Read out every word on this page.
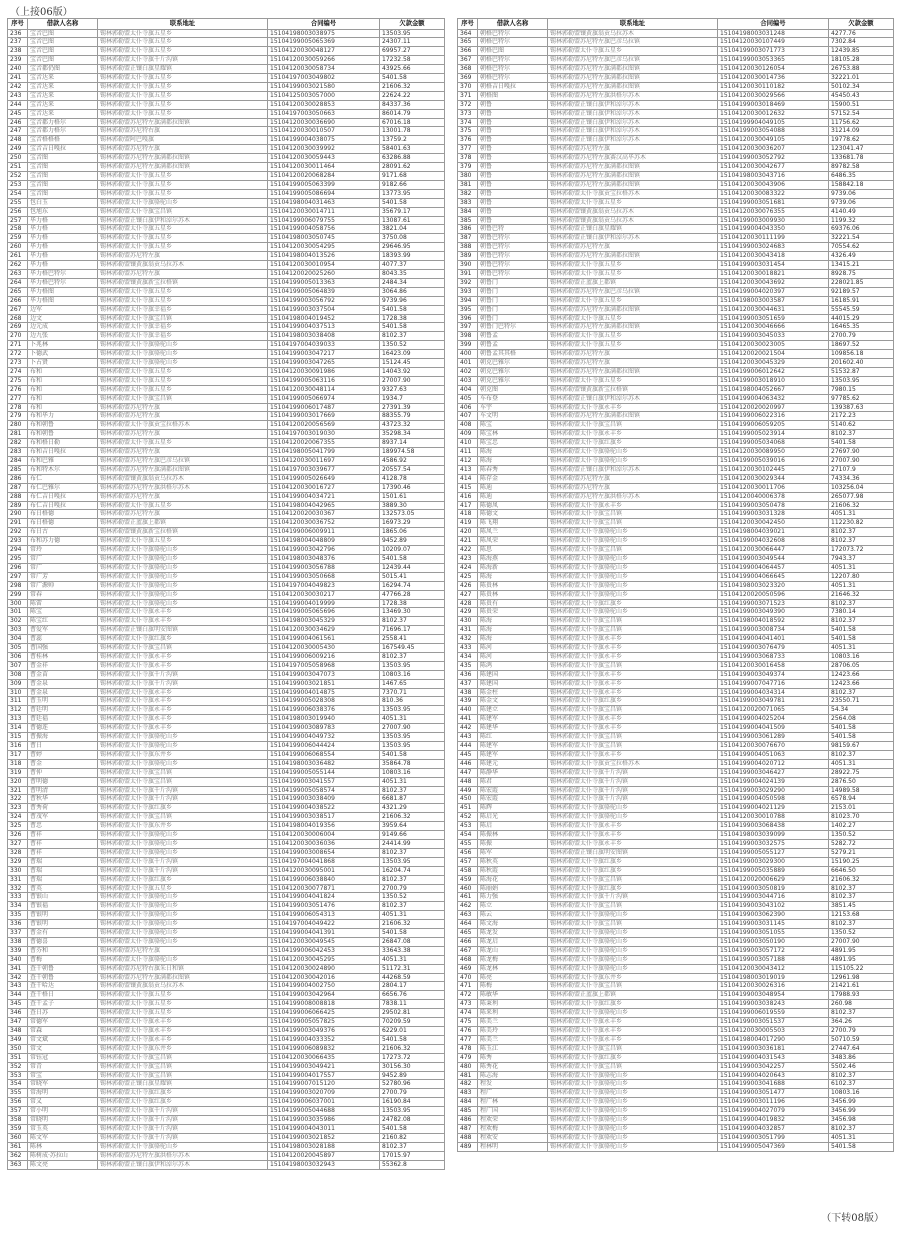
（上接06版）
序号	借款人名称	联系地址	合同编号	欠款金额
236	宝音巴图	锡林郭勒盟太仆寺旗五星乡	15104198003038975	13503.95
237	宝音巴图	锡林郭勒盟太仆寺旗五星乡	15104199005065369	24307.11
238	宝音巴图	锡林郭勒盟太仆寺旗五星乡	15104120030048127	69957.27
239	宝音巴图	锡林郭勒盟太仆寺旗千斤沟镇	15104120030059266	17232.58
240	宝音都仍图	锡林郭勒盟正镶白旗星耀镇	15104120030058734	43925.66
241	宝音达来	锡林郭勒盟太仆寺旗五星乡	15104197003049802	5401.58
242	宝音达来	锡林郭勒盟太仆寺旗五星乡	15104199003021580	21606.32
243	宝音达来	锡林郭勒盟太仆寺旗五星乡	15104125003057000	22624.22
244	宝音达来	锡林郭勒盟太仆寺旗五星乡	15104120030028853	84337.36
245	宝音达来	锡林郭勒盟太仆寺旗五星乡	15104197003050663	86014.79
246	宝音都力格尔	锡林郭勒盟苏尼特左旗满都拉图镇	15104120030036690	67016.18
247	宝音都力格尔	锡林郭勒盟苏尼特右旗	15104120030010507	13001.78
248	宝音格格格	锡林郭勒盟阿巴嘎旗	15104199004038075	13759.2
249	宝音吉日嘎拉	锡林郭勒盟苏尼特左旗	15104120030039992	58401.63
250	宝音图	锡林郭勒盟苏尼特左旗满都拉图镇	15104120030059443	63286.88
251	宝音图	锡林郭勒盟苏尼特左旗满都拉图镇	15104120030011464	28091.62
252	宝音图	锡林郭勒盟太仆寺旗五星乡	15104120020068284	9171.68
253	宝音图	锡林郭勒盟太仆寺旗五星乡	15104199005063399	9182.66
254	宝音图	锡林郭勒盟太仆寺旗五星乡	15104199005086694	13773.95
255	包白玉	锡林郭勒盟太仆寺旗骆驼山乡	15104198004031463	5401.58
256	包旭东	锡林郭勒盟太仆寺旗宝昌镇	15104120030014711	35679.17
257	毕力格	锡林郭勒盟正镶白旗伊和淖尔苏木	15104199006079755	13087.61
258	毕力格	锡林郭勒盟太仆寺旗五星乡	15104199004058756	3821.04
259	毕力格	锡林郭勒盟太仆寺旗五星乡	15104198003050745	3750.08
260	毕力格	锡林郭勒盟太仆寺旗五星乡	15104120030054295	29646.95
261	毕力格	锡林郭勒盟苏尼特左旗	15104198004013526	18393.99
262	毕力格	锡林郭勒盟镶黄旗翁贡乌拉苏木	15104120030010954	4077.37
263	毕力格巴特尔	锡林郭勒盟苏尼特左旗	15104120020025260	8043.35
264	毕力格巴特尔	锡林郭勒盟镶黄旗新宝拉格镇	15104199005013363	2484.34
265	毕力格图	锡林郭勒盟太仆寺旗五星乡	15104199005064839	3064.86
266	毕力格图	锡林郭勒盟太仆寺旗五星乡	15104199003056792	9739.96
267	边军	锡林郭勒盟太仆寺旗幸福乡	15104199003037504	5401.58
268	边文	锡林郭勒盟太仆寺旗宝昌镇	15104198004019452	1728.38
269	边元成	锡林郭勒盟太仆寺旗幸福乡	15104199004037513	5401.58
270	边九张	锡林郭勒盟太仆寺旗幸福乡	15104198003038408	8102.37
271	卜兆林	锡林郭勒盟太仆寺旗骆驼山乡	15104197004039033	1350.52
272	卜德武	锡林郭勒盟太仆寺旗骆驼山乡	15104199003047217	16423.09
273	卜占贤	锡林郭勒盟太仆寺旗骆驼山乡	15104199003047265	15124.45
274	布和	锡林郭勒盟太仆寺旗五星乡	15104120030091986	14043.92
275	布和	锡林郭勒盟太仆寺旗五星乡	15104199005063116	27007.90
276	布和	锡林郭勒盟太仆寺旗五星乡	15104120030048114	9327.63
277	布和	锡林郭勒盟太仆寺旗宝昌镇	15104199005066974	1934.7
278	布和	锡林郭勒盟苏尼特左旗	15104199006017487	27391.39
279	布和毕力	锡林郭勒盟苏尼特左旗	15104199003017669	88355.79
280	布和朝鲁	锡林郭勒盟太仆寺旗贡宝拉格苏木	15104120020056569	43723.32
281	布和朝鲁	锡林郭勒盟苏尼特左旗	15104197003019030	35298.34
282	布和格日勒	锡林郭勒盟太仆寺旗五星乡	15104120020067355	8937.14
283	布和吉日嘎拉	锡林郭勒盟苏尼特左旗	15104198005041799	189974.58
284	布和巴雅	锡林郭勒盟苏尼特左旗巴彦乌拉镇	15104120030011697	4586.92
285	布和特木尔	锡林郭勒盟苏尼特左旗满都拉图镇	15104197003039677	20557.54
286	布仁	锡林郭勒盟镶黄旗翁贡乌拉苏木	15104199005026649	4128.78
287	布仁巴雅尔	锡林郭勒盟苏尼特左旗洪格尔苏木	15104120030016727	17390.46
288	布仁吉日嘎拉	锡林郭勒盟苏尼特左旗	15104199004034721	1501.61
289	布仁吉日嘎拉	锡林郭勒盟太仆寺旗五星乡	15104198004042965	3889.30
290	布日格德	锡林郭勒盟苏尼特左旗	15104120020030367	132573.05
291	布日格德	锡林郭勒盟正蓝旗上都镇	15104120030036752	16973.29
292	布日古	锡林郭勒盟镶黄旗新宝拉格镇	15104199006009911	1865.06
293	布和苏力德	锡林郭勒盟太仆寺旗五星乡	15104198004048809	9452.89
294	常玲	锡林郭勒盟太仆寺旗骆驼山乡	15104199003042796	10209.07
295	常广	锡林郭勒盟太仆寺旗骆驼山乡	15104198003048376	5401.58
296	常广	锡林郭勒盟太仆寺旗骆驼山乡	15104199003056788	12439.44
297	常广芳	锡林郭勒盟太仆寺旗骆驼山乡	15104199003050668	5015.41
298	常广源帅	锡林郭勒盟太仆寺旗骆驼山乡	15104197004049823	16294.74
299	常春	锡林郭勒盟太仆寺旗骆驼山乡	15104120030030217	47766.28
300	陈雷	锡林郭勒盟太仆寺旗骆驼山乡	15104199004019999	1728.38
301	陈宝	锡林郭勒盟太仆寺旗永丰乡	15104199005065696	13469.30
302	陈宝红	锡林郭勒盟太仆寺旗永丰乡	15104198003045329	8102.37
303	曹爱军	锡林郭勒盟正镶白旗明安图镇	15104120030034629	71696.17
304	曹蕊	锡林郭勒盟太仆寺旗红旗乡	15104199004061561	2558.41
305	曹国强	锡林郭勒盟太仆寺旗宝昌镇	15104120030005430	167549.45
306	曹桂林	锡林郭勒盟太仆寺旗永丰乡	15104199006009216	8102.37
307	曹金祥	锡林郭勒盟太仆寺旗永丰乡	15104197005058968	13503.95
308	曹金苗	锡林郭勒盟太仆寺旗千斤沟镇	15104199003047073	10803.16
309	曹金泉	锡林郭勒盟太仆寺旗千斤沟镇	15104199003021851	1467.65
310	曹金泉	锡林郭勒盟太仆寺旗永丰乡	15104199004014875	7370.71
311	曹玉明	锡林郭勒盟太仆寺旗永丰乡	15104199005028308	810.36
312	曹廷明	锡林郭勒盟太仆寺旗永丰乡	15104199006038376	13503.95
313	曹廷福	锡林郭勒盟太仆寺旗永丰乡	15104198003019940	4051.31
314	曹德连	锡林郭勒盟太仆寺旗永丰乡	15104199003089783	27007.90
315	曹振海	锡林郭勒盟太仆寺旗骆驼山乡	15104199004049732	13503.95
316	曹日	锡林郭勒盟太仆寺旗骆驼山乡	15104199006044424	13503.95
317	曹婷	锡林郭勒盟太仆寺旗东井乡	15104199006068554	5401.58
318	曹金	锡林郭勒盟太仆寺旗骆驼山乡	15104198003036482	35864.78
319	曹仲	锡林郭勒盟太仆寺旗宝昌镇	15104199005055144	10803.16
320	曹明德	锡林郭勒盟太仆寺旗宝昌镇	15104199003041557	4051.31
321	曹明清	锡林郭勒盟太仆寺旗千斤沟镇	15104199005058574	8102.37
322	曹秋华	锡林郭勒盟太仆寺旗千斤沟镇	15104199003038409	6681.87
323	曹秀荷	锡林郭勒盟太仆寺旗红旗乡	15104199004038522	4321.29
324	曹茂军	锡林郭勒盟太仆寺旗宝昌镇	15104199003038517	21606.32
325	曹忠	锡林郭勒盟太仆寺旗东井乡	15104198004019356	3959.64
326	曹祥	锡林郭勒盟太仆寺旗骆驼山乡	15104120030006004	9149.66
327	曹祥	锡林郭勒盟太仆寺旗骆驼山乡	15104120030036036	24414.99
328	曹祥	锡林郭勒盟太仆寺旗骆驼山乡	15104199003008654	8102.37
329	曹瑞	锡林郭勒盟太仆寺旗千斤沟镇	15104197004041868	13503.95
330	曹瑞	锡林郭勒盟太仆寺旗千斤沟镇	15104120030095001	16204.74
331	曹瑞	锡林郭勒盟太仆寺旗红旗乡	15104199006038840	8102.37
332	曹英	锡林郭勒盟太仆寺旗五星乡	15104120030077871	2700.79
333	曹银山	锡林郭勒盟太仆寺旗骆驼山乡	15104199004041824	1350.52
334	曹银福	锡林郭勒盟太仆寺旗骆驼山乡	15104199003051476	8102.37
335	曹银明	锡林郭勒盟太仆寺旗骆驼山乡	15104199006054313	4051.31
336	曹银明	锡林郭勒盟太仆寺旗骆驼山乡	15104197004049422	21606.32
337	曹金有	锡林郭勒盟太仆寺旗骆驼山乡	15104199004041391	5401.58
338	曹德喜	锡林郭勒盟太仆寺旗骆驼山乡	15104120030049545	26847.08
339	曹芬和	锡林郭勒盟苏尼特左旗	15104199006042453	33643.38
340	曹梅	锡林郭勒盟太仆寺旗骆驼山乡	15104120030045295	4051.31
341	查干朝鲁	锡林郭勒盟苏尼特右旗朱日和镇	15104120030024890	51172.31
342	查干朝鲁	锡林郭勒盟苏尼特左旗满都拉图镇	15104120030042016	44268.59
343	查干哈达	锡林郭勒盟镶黄旗翁贡乌拉苏木	15104199004002750	2804.17
344	查干格日	锡林郭勒盟太仆寺旗五星乡	15104199003042964	6656.76
345	查干孟子	锡林郭勒盟太仆寺旗五星乡	15104199008008818	7838.11
346	查日苏	锡林郭勒盟太仆寺旗五星乡	15104199006066425	29502.81
347	常德军	锡林郭勒盟太仆寺旗永丰乡	15104199005057825	70209.59
348	常森	锡林郭勒盟太仆寺旗永丰乡	15104199003049376	6229.01
349	常文斌	锡林郭勒盟太仆寺旗永丰乡	15104199004033352	5401.58
350	常文	锡林郭勒盟太仆寺旗东井乡	15104199006089832	21606.32
351	常钰冠	锡林郭勒盟太仆寺旗宝昌镇	15104120030066435	17273.72
352	常青	锡林郭勒盟太仆寺旗宝昌镇	15104199003049421	30156.30
353	常宝	锡林郭勒盟太仆寺旗宝昌镇	15104199004017557	9452.89
354	常晓军	锡林郭勒盟正镶白旗星耀镇	15104199007015120	52780.96
355	常海明	锡林郭勒盟太仆寺旗红旗乡	15104199003020709	2700.79
356	常义	锡林郭勒盟太仆寺旗红旗乡	15104199006037001	16190.84
357	常小明	锡林郭勒盟太仆寺旗千斤沟镇	15104199005044688	13503.95
358	常晓明	锡林郭勒盟太仆寺旗千斤沟镇	15104199003035986	24782.08
359	常玉英	锡林郭勒盟太仆寺旗千斤沟镇	15104199004043011	5401.58
360	陈文军	锡林郭勒盟太仆寺旗千斤沟镇	15104199003021852	2160.82
361	陈林	锡林郭勒盟太仆寺旗骆驼山乡	15104198003028188	8102.37
362	陈树成·苏拉山	锡林郭勒盟苏尼特左旗洪格尔苏木	15104120020045897	17015.97
363	陈文亮	锡林郭勒盟正镶白旗伊和淖尔苏木	15104198003032943	55362.8
序号	借款人名称	联系地址	合同编号	欠款金额
364	朝格巴特尔	锡林郭勒盟镶黄旗翁贡乌拉苏木	15104198003031248	4277.76
365	朝格巴特尔	锡林郭勒盟苏尼特左旗巴彦乌拉镇	15104120030107449	7302.84
366	朝格巴图	锡林郭勒盟太仆寺旗五星乡	15104199003071773	12439.85
367	朝格巴特尔	锡林郭勒盟苏尼特左旗巴彦乌拉镇	15104199003053365	18105.28
368	朝格巴特尔	锡林郭勒盟苏尼特左旗满都拉图镇	15104120030126054	26753.88
369	朝格巴特尔	锡林郭勒盟苏尼特左旗满都拉图镇	15104120030014736	32221.01
370	朝格吉日嘎拉	锡林郭勒盟苏尼特左旗满都拉图镇	15104120030110182	50102.34
371	朝格图	锡林郭勒盟苏尼特左旗洪格尔苏木	15104120030029566	45450.43
372	朝鲁	锡林郭勒盟正镶白旗伊和淖尔苏木	15104199003018469	15900.51
373	朝鲁	锡林郭勒盟正镶白旗伊和淖尔苏木	15104120030012632	57152.54
374	朝鲁	锡林郭勒盟正镶白旗伊和淖尔苏木	15104199904049105	11756.62
375	朝鲁	锡林郭勒盟正镶白旗伊和淖尔苏木	15104199003054088	31214.09
376	朝鲁	锡林郭勒盟正镶白旗伊和淖尔苏木	15104120030049105	19778.62
377	朝鲁	锡林郭勒盟苏尼特左旗	15104120030036207	123041.47
378	朝鲁	锡林郭勒盟苏尼特左旗赛汉高毕苏木	15104199003052792	133681.78
379	朝鲁	锡林郭勒盟苏尼特左旗满都拉图镇	15104120030042677	89782.58
380	朝鲁	锡林郭勒盟苏尼特左旗满都拉图镇	15104198003043716	6486.35
381	朝鲁	锡林郭勒盟苏尼特左旗满都拉图镇	15104120030043906	158842.18
382	朝鲁	锡林郭勒盟太仆寺旗贡宝拉格苏木	15104120030083322	9739.06
383	朝鲁	锡林郭勒盟太仆寺旗五星乡	15104199003051681	9739.06
384	朝鲁	锡林郭勒盟镶黄旗翁贡乌拉苏木	15104120030076355	4140.49
385	朝鲁	锡林郭勒盟镶黄旗翁贡乌拉苏木	15104199003009930	1199.32
386	朝鲁巴特	锡林郭勒盟正镶白旗星耀镇	15104199004043350	69376.06
387	朝鲁巴特尔	锡林郭勒盟正镶白旗伊和淖尔苏木	15104120030111199	32221.54
388	朝鲁巴特尔	锡林郭勒盟苏尼特左旗	15104199003024683	70554.62
389	朝鲁巴特尔	锡林郭勒盟苏尼特左旗满都拉图镇	15104120030043418	4326.49
390	朝鲁巴特尔	锡林郭勒盟太仆寺旗五星乡	15104199003031454	13415.21
391	朝鲁巴特尔	锡林郭勒盟太仆寺旗五星乡	15104120030018821	8928.75
392	朝鲁门	锡林郭勒盟正蓝旗上都镇	15104120030043692	228021.85
393	朝鲁门	锡林郭勒盟苏尼特左旗巴彦乌拉镇	15104199004020397	92189.57
394	朝鲁门	锡林郭勒盟太仆寺旗五星乡	15104198003003587	16185.91
395	朝鲁门	锡林郭勒盟苏尼特左旗满都拉图镇	15104120030044631	55545.59
396	朝鲁门	锡林郭勒盟太仆寺旗五星乡	15104199003051659	44015.29
397	朝鲁门巴特尔	锡林郭勒盟苏尼特左旗满都拉图镇	15104120030046666	16465.35
398	朝鲁孟	锡林郭勒盟太仆寺旗五星乡	15104199003045033	2700.79
399	朝鲁孟	锡林郭勒盟太仆寺旗五星乡	15104120030023005	18697.52
400	朝鲁孟其其格	锡林郭勒盟苏尼特左旗	15104120020021504	109856.18
401	朝克巴雅尔	锡林郭勒盟苏尼特左旗	15104120030045329	201602.40
402	朝克巴雅尔	锡林郭勒盟苏尼特左旗满都拉图镇	15104199006012642	51532.87
403	朝克巴雅尔	锡林郭勒盟太仆寺旗五星乡	15104199003018910	13503.95
404	朝克图	锡林郭勒盟镶黄旗新宝拉格镇	15104198004052667	7980.15
405	车布登	锡林郭勒盟正镶白旗伊和淖尔苏木	15104199004063432	97785.62
406	车宇	锡林郭勒盟太仆寺旗永丰乡	15104120020020997	139387.63
407	车文明	锡林郭勒盟苏尼特左旗满都拉图镇	15104199006022316	2172.23
408	陈宝	锡林郭勒盟太仆寺旗宝昌镇	15104199006059205	5140.62
409	陈宝林	锡林郭勒盟太仆寺旗永丰乡	15104199005023914	8102.37
410	陈宝忠	锡林郭勒盟太仆寺旗红旗乡	15104199005034068	5401.58
411	陈海	锡林郭勒盟太仆寺旗骆驼山乡	15104120030089950	27697.90
412	陈海	锡林郭勒盟太仆寺旗骆驼山乡	15104199005039016	27007.90
413	陈春秀	锡林郭勒盟正镶白旗伊和淖尔苏木	15104120030102445	27107.9
414	陈存金	锡林郭勒盟苏尼特左旗	15104120030029344	74334.36
415	陈迪	锡林郭勒盟苏尼特左旗	15104120030011706	103256.04
416	陈迪	锡林郭勒盟苏尼特左旗洪格尔苏木	15104120040006378	265077.98
417	陈德凤	锡林郭勒盟太仆寺旗永丰乡	15104199003050478	21606.32
418	陈德文	锡林郭勒盟太仆寺旗宝昌镇	15104199003031328	4051.31
419	陈飞翔	锡林郭勒盟太仆寺旗宝昌镇	15104120030042450	112230.82
420	陈凤兰	锡林郭勒盟太仆寺旗骆驼山乡	15104198004039021	8102.37
421	陈凤荣	锡林郭勒盟太仆寺旗骆驼山乡	15104199004032608	8102.37
422	陈思	锡林郭勒盟太仆寺旗宝昌镇	15104120030066447	172073.72
423	陈海燕	锡林郭勒盟太仆寺旗骆驼山乡	15104199003049544	7943.37
424	陈海新	锡林郭勒盟太仆寺旗骆驼山乡	15104199004064457	4051.31
425	陈海	锡林郭勒盟太仆寺旗骆驼山乡	15104199004066645	12207.80
426	陈贵林	锡林郭勒盟太仆寺旗骆驼山乡	15104198003023320	4051.31
427	陈贵林	锡林郭勒盟太仆寺旗骆驼山乡	15104120020050596	21646.32
428	陈贵有	锡林郭勒盟太仆寺旗红旗乡	15104199003071523	8102.37
429	陈贵荣	锡林郭勒盟太仆寺旗骆驼山乡	15104199003049390	7380.14
430	陈海	锡林郭勒盟太仆寺旗宝昌镇	15104198004018592	8102.37
431	陈海	锡林郭勒盟太仆寺旗宝昌镇	15104199003008734	5401.58
432	陈海	锡林郭勒盟太仆寺旗永丰乡	15104199004041401	5401.58
433	陈河	锡林郭勒盟太仆寺旗永丰乡	15104199003076479	4051.31
434	陈河	锡林郭勒盟太仆寺旗永丰乡	15104199003068733	10803.16
435	陈鸿	锡林郭勒盟太仆寺旗宝昌镇	15104120030016458	28706.05
436	陈建国	锡林郭勒盟太仆寺旗永丰乡	15104199003049374	12423.66
437	陈建国	锡林郭勒盟太仆寺旗永丰乡	15104199007047716	12423.66
438	陈金柱	锡林郭勒盟太仆寺旗永丰乡	15104199004034314	8102.37
439	陈金文	锡林郭勒盟太仆寺旗红旗乡	15104199003049781	23550.71
440	陈建立	锡林郭勒盟太仆寺旗宝昌镇	15104120020071065	54.34
441	陈建军	锡林郭勒盟太仆寺旗永丰乡	15104199004025204	2564.08
442	陈建华	锡林郭勒盟太仆寺旗永丰乡	15104199004041509	5401.58
443	陈红	锡林郭勒盟太仆寺旗宝昌镇	15104199003061289	5401.58
444	陈建军	锡林郭勒盟太仆寺旗宝昌镇	15104120030076670	98159.67
445	陈建军	锡林郭勒盟太仆寺旗永丰乡	15104199004051063	8102.37
446	陈建元	锡林郭勒盟太仆寺旗贡宝拉格苏木	15104199004020712	4051.31
447	陈静华	锡林郭勒盟太仆寺旗千斤沟镇	15104199003046427	28922.75
448	陈君	锡林郭勒盟太仆寺旗千斤沟镇	15104199004024139	2876.50
449	陈宏霞	锡林郭勒盟太仆寺旗千斤沟镇	15104199003029290	14989.58
450	陈宏霞	锡林郭勒盟太仆寺旗千斤沟镇	15104199004050598	6578.94
451	陈辉	锡林郭勒盟太仆寺旗骆驼山乡	15104199004021129	2153.01
452	陈启光	锡林郭勒盟太仆寺旗骆驼山乡	15104120030010788	81023.70
453	陈启	锡林郭勒盟太仆寺旗永丰乡	15104199003068438	1402.27
454	陈振林	锡林郭勒盟太仆寺旗永丰乡	15104198003039099	1350.52
455	陈振	锡林郭勒盟太仆寺旗永丰乡	15104199003032575	5282.72
456	陈军	锡林郭勒盟正镶白旗明安图镇	15104199005055127	5279.21
457	陈秋英	锡林郭勒盟太仆寺旗红旗乡	15104199003029300	15190.25
458	陈秋霞	锡林郭勒盟太仆寺旗红旗乡	15104199005035889	6646.50
459	陈海花	锡林郭勒盟太仆寺旗宝昌镇	15104120020006629	21606.32
460	陈丽娟	锡林郭勒盟太仆寺旗红旗乡	15104199003050819	8102.37
461	陈力强	锡林郭勒盟太仆寺旗千斤沟镇	15104199003044716	8102.37
462	陈立	锡林郭勒盟太仆寺旗宝昌镇	15104199003043102	3851.45
463	陈云	锡林郭勒盟太仆寺旗骆驼山乡	15104199003062390	12153.68
464	陈文海	锡林郭勒盟太仆寺旗宝昌镇	15104199003031145	8102.37
465	陈龙发	锡林郭勒盟太仆寺旗骆驼山乡	15104199003051055	1350.52
466	陈龙启	锡林郭勒盟太仆寺旗骆驼山乡	15104199003050190	27007.90
467	陈龙山	锡林郭勒盟太仆寺旗骆驼山乡	15104199003057172	4891.95
468	陈龙梅	锡林郭勒盟太仆寺旗骆驼山乡	15104199003057188	4891.95
469	陈龙林	锡林郭勒盟太仆寺旗骆驼山乡	15104120030043412	115105.22
470	陈亮	锡林郭勒盟太仆寺旗东井乡	15104198003019019	12961.98
471	陈梅	锡林郭勒盟太仆寺旗宝昌镇	15104120030026316	21421.61
472	陈敏华	锡林郭勒盟正蓝旗上都镇	15104199003048954	17988.93
473	陈秉利	锡林郭勒盟太仆寺旗红旗乡	15104199003038243	260.98
474	陈来利	锡林郭勒盟太仆寺旗骆驼山乡	15104199006019559	8102.37
475	陈美兰	锡林郭勒盟太仆寺旗永丰乡	15104199003051537	364.26
476	陈美玲	锡林郭勒盟太仆寺旗永丰乡	15104120030005503	2700.79
477	陈美兰	锡林郭勒盟太仆寺旗永丰乡	15104198004017290	50710.59
478	陈玉江	锡林郭勒盟太仆寺旗宝昌镇	15104199003036181	27447.64
479	陈秀	锡林郭勒盟太仆寺旗红旗乡	15104199004031543	3483.86
480	陈秀花	锡林郭勒盟太仆寺旗宝昌镇	15104199003042257	5502.46
481	陈志海	锡林郭勒盟太仆寺旗骆驼山乡	15104199004020643	8102.37
482	程发	锡林郭勒盟太仆寺旗骆驼山乡	15104199003041688	6102.37
483	程广	锡林郭勒盟太仆寺旗骆驼山乡	15104199003051477	10803.16
484	程广林	锡林郭勒盟太仆寺旗骆驼山乡	15104199003011196	3456.99
485	程广国	锡林郭勒盟太仆寺旗骆驼山乡	15104199004027079	3456.99
486	程欢荣	锡林郭勒盟太仆寺旗骆驼山乡	15104199004019832	3456.98
487	程欢梅	锡林郭勒盟太仆寺旗骆驼山乡	15104199004032857	8102.37
488	程欢安	锡林郭勒盟太仆寺旗骆驼山乡	15104199003051799	4051.31
489	程林明	锡林郭勒盟太仆寺旗骆驼山乡	15104199005047369	5401.58
（下转08版）
